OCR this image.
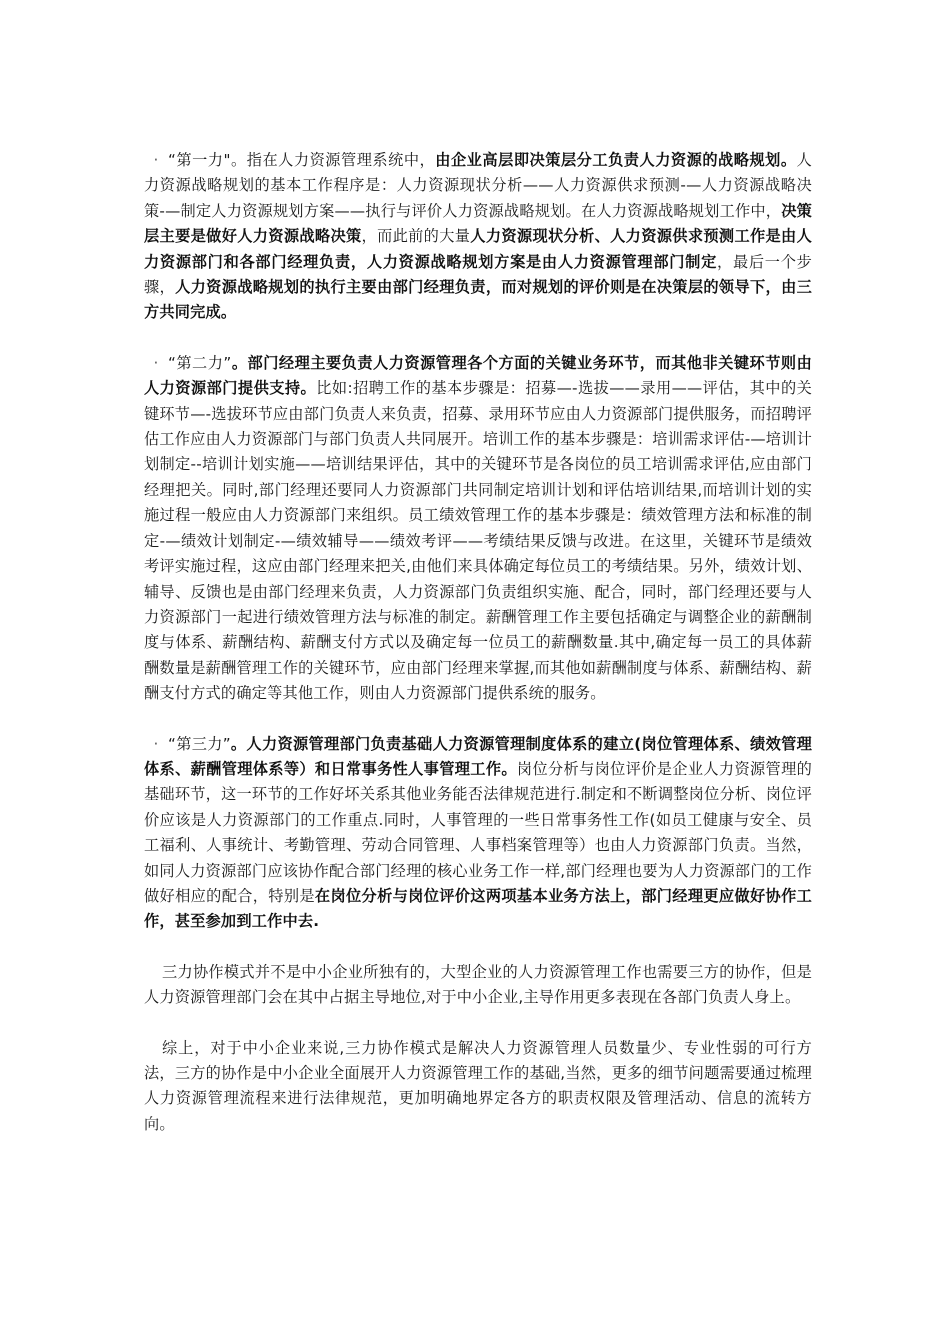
· “第一力"。指在人力资源管理系统中，由企业高层即决策层分工负责人力资源的战略规划。人力资源战略规划的基本工作程序是：人力资源现状分析——人力资源供求预测-—人力资源战略决策-—制定人力资源规划方案——执行与评价人力资源战略规划。在人力资源战略规划工作中，决策层主要是做好人力资源战略决策，而此前的大量人力资源现状分析、人力资源供求预测工作是由人力资源部门和各部门经理负责，人力资源战略规划方案是由人力资源管理部门制定，最后一个步骤，人力资源战略规划的执行主要由部门经理负责，而对规划的评价则是在决策层的领导下，由三方共同完成。

· “第二力”。部门经理主要负责人力资源管理各个方面的关键业务环节，而其他非关键环节则由人力资源部门提供支持。比如:招聘工作的基本步骤是：招募—-选拔——录用——评估，其中的关键环节—-选拔环节应由部门负责人来负责，招募、录用环节应由人力资源部门提供服务，而招聘评估工作应由人力资源部门与部门负责人共同展开。培训工作的基本步骤是：培训需求评估-—培训计划制定--培训计划实施——培训结果评估，其中的关键环节是各岗位的员工培训需求评估,应由部门经理把关。同时,部门经理还要同人力资源部门共同制定培训计划和评估培训结果,而培训计划的实施过程一般应由人力资源部门来组织。员工绩效管理工作的基本步骤是：绩效管理方法和标准的制定-—绩效计划制定-—绩效辅导——绩效考评——考绩结果反馈与改进。在这里，关键环节是绩效考评实施过程，这应由部门经理来把关,由他们来具体确定每位员工的考绩结果。另外，绩效计划、辅导、反馈也是由部门经理来负责，人力资源部门负责组织实施、配合，同时，部门经理还要与人力资源部门一起进行绩效管理方法与标准的制定。薪酬管理工作主要包括确定与调整企业的薪酬制度与体系、薪酬结构、薪酬支付方式以及确定每一位员工的薪酬数量.其中,确定每一员工的具体薪酬数量是薪酬管理工作的关键环节，应由部门经理来掌握,而其他如薪酬制度与体系、薪酬结构、薪酬支付方式的确定等其他工作，则由人力资源部门提供系统的服务。

· “第三力”。人力资源管理部门负责基础人力资源管理制度体系的建立(岗位管理体系、绩效管理体系、薪酬管理体系等）和日常事务性人事管理工作。岗位分析与岗位评价是企业人力资源管理的基础环节，这一环节的工作好坏关系其他业务能否法律规范进行.制定和不断调整岗位分析、岗位评价应该是人力资源部门的工作重点.同时，人事管理的一些日常事务性工作(如员工健康与安全、员工福利、人事统计、考勤管理、劳动合同管理、人事档案管理等）也由人力资源部门负责。当然，如同人力资源部门应该协作配合部门经理的核心业务工作一样,部门经理也要为人力资源部门的工作做好相应的配合，特别是在岗位分析与岗位评价这两项基本业务方法上，部门经理更应做好协作工作，甚至参加到工作中去.

三力协作模式并不是中小企业所独有的，大型企业的人力资源管理工作也需要三方的协作，但是人力资源管理部门会在其中占据主导地位,对于中小企业,主导作用更多表现在各部门负责人身上。

综上，对于中小企业来说,三力协作模式是解决人力资源管理人员数量少、专业性弱的可行方法，三方的协作是中小企业全面展开人力资源管理工作的基础,当然，更多的细节问题需要通过梳理人力资源管理流程来进行法律规范，更加明确地界定各方的职责权限及管理活动、信息的流转方向。
